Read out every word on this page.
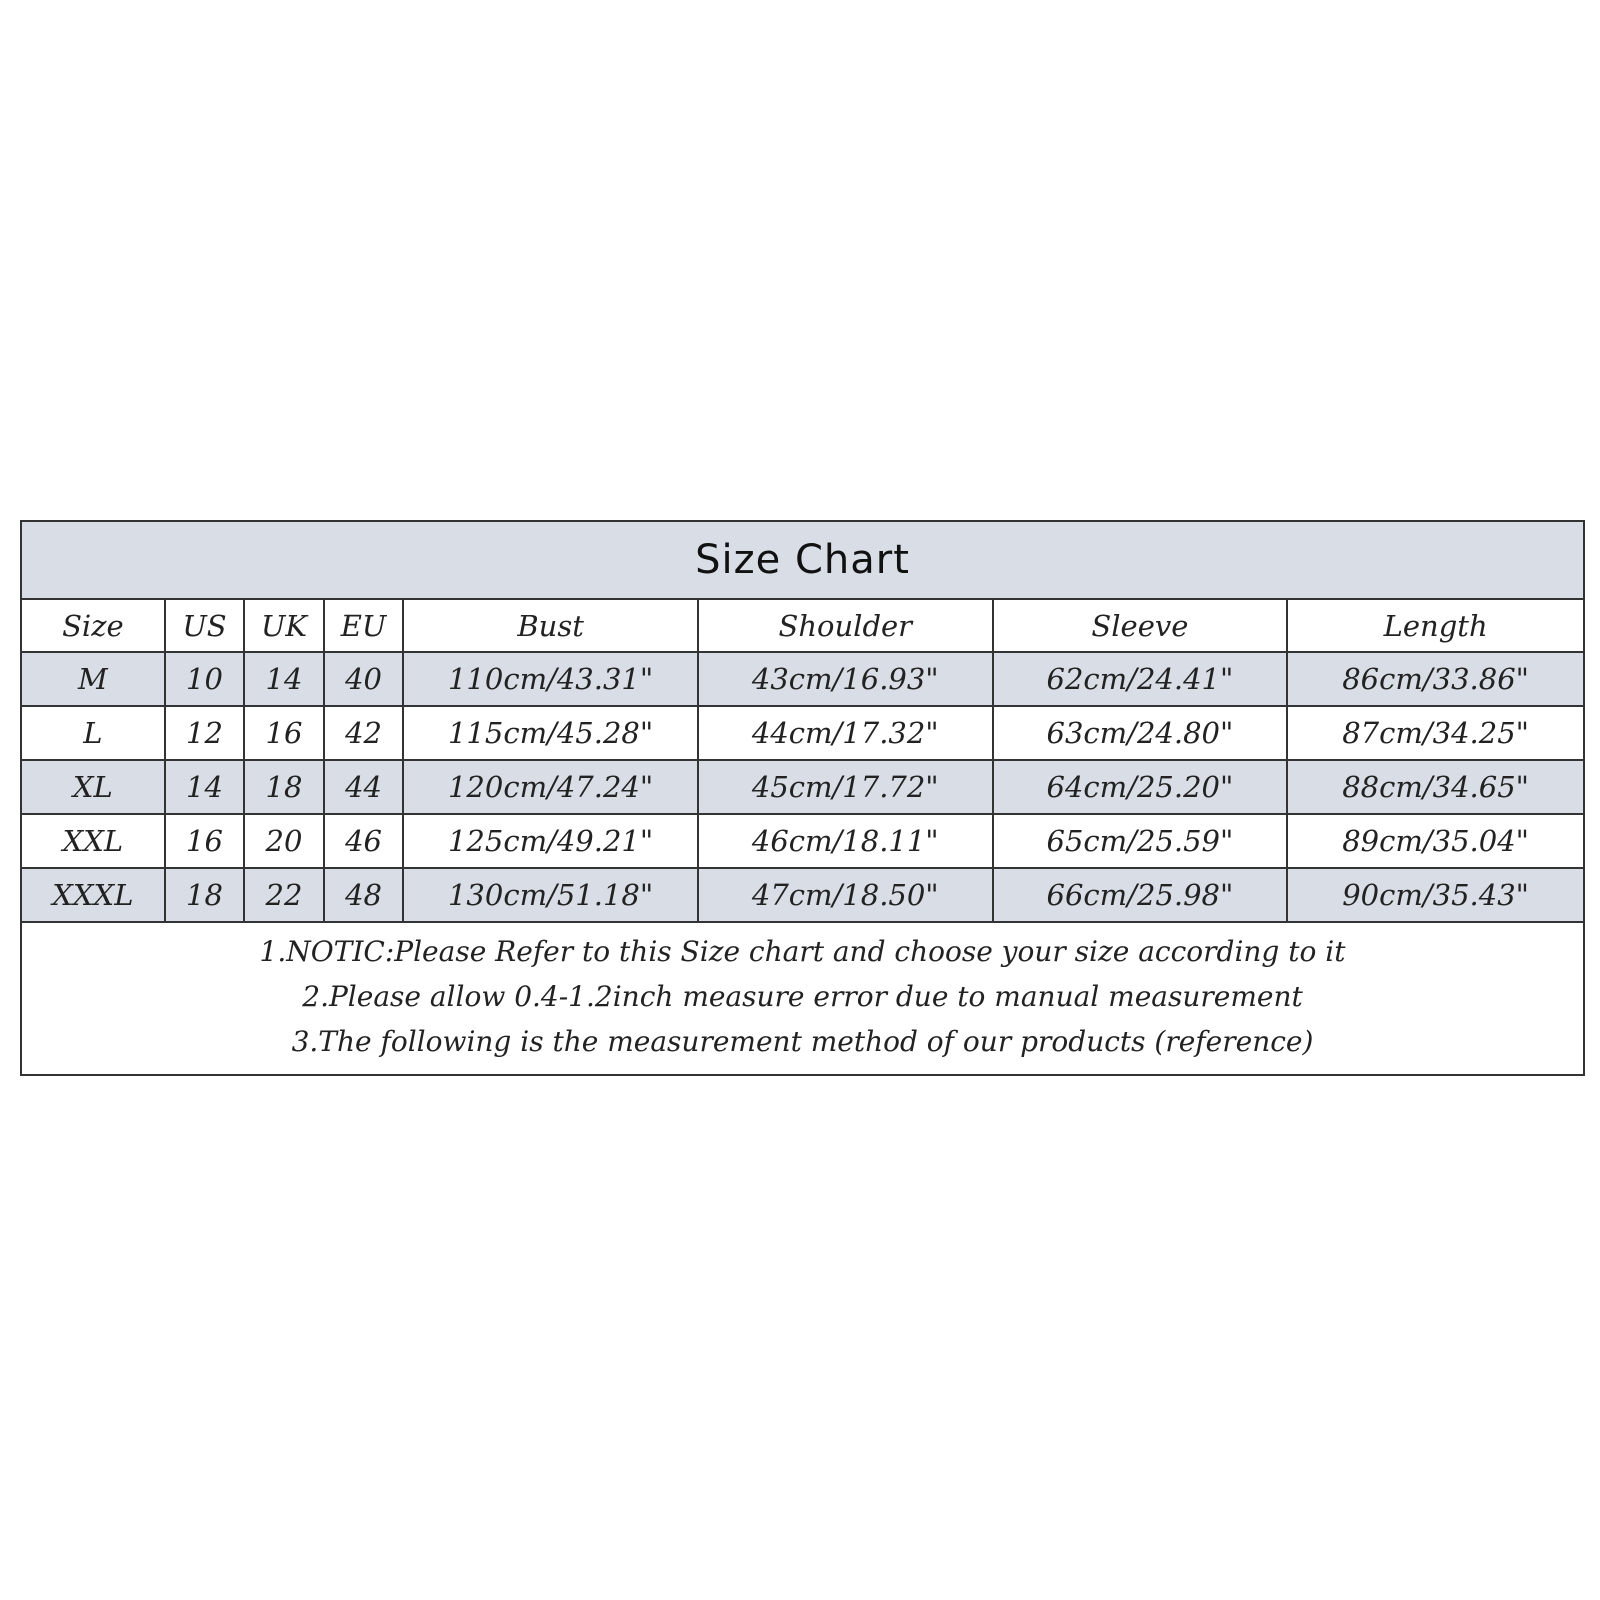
Size Chart
Size	US	UK	EU	Bust	Shoulder	Sleeve	Length
M	10	14	40	110cm/43.31"	43cm/16.93"	62cm/24.41"	86cm/33.86"
L	12	16	42	115cm/45.28"	44cm/17.32"	63cm/24.80"	87cm/34.25"
XL	14	18	44	120cm/47.24"	45cm/17.72"	64cm/25.20"	88cm/34.65"
XXL	16	20	46	125cm/49.21"	46cm/18.11"	65cm/25.59"	89cm/35.04"
XXXL	18	22	48	130cm/51.18"	47cm/18.50"	66cm/25.98"	90cm/35.43"
1.NOTIC:Please Refer to this Size chart and choose your size according to it
2.Please allow 0.4-1.2inch measure error due to manual measurement
3.The following is the measurement method of our products (reference)
